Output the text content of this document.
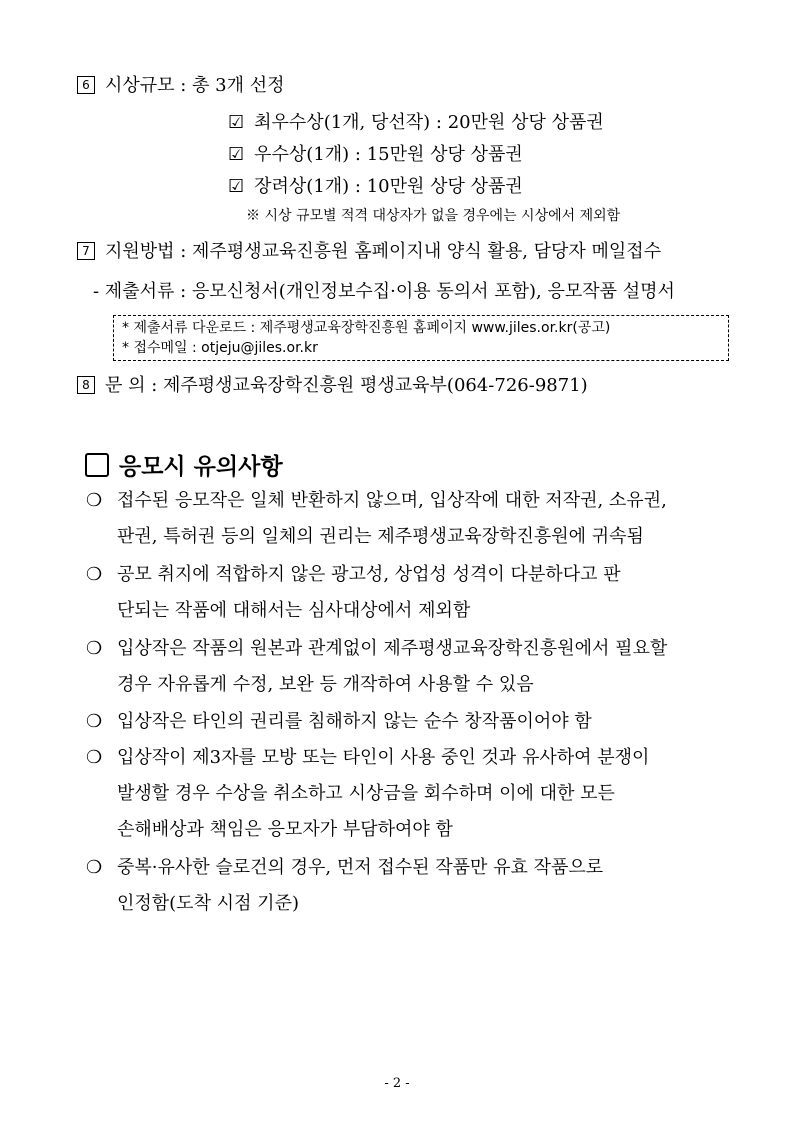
6 시상규모 : 총 3개 선정
☑ 최우수상(1개, 당선작) : 20만원 상당 상품권
☑ 우수상(1개) : 15만원 상당 상품권
☑ 장려상(1개) : 10만원 상당 상품권
※ 시상 규모별 적격 대상자가 없을 경우에는 시상에서 제외함
7 지원방법 : 제주평생교육진흥원 홈페이지내 양식 활용, 담당자 메일접수
- 제출서류 : 응모신청서(개인정보수집·이용 동의서 포함), 응모작품 설명서
* 제출서류 다운로드 : 제주평생교육장학진흥원 홈페이지 www.jiles.or.kr(공고)
* 접수메일 : otjeju@jiles.or.kr
8 문 의 : 제주평생교육장학진흥원 평생교육부(064-726-9871)
응모시 유의사항
❍ 접수된 응모작은 일체 반환하지 않으며, 입상작에 대한 저작권, 소유권,
판권, 특허권 등의 일체의 권리는 제주평생교육장학진흥원에 귀속됨
❍ 공모 취지에 적합하지 않은 광고성, 상업성 성격이 다분하다고 판
단되는 작품에 대해서는 심사대상에서 제외함
❍ 입상작은 작품의 원본과 관계없이 제주평생교육장학진흥원에서 필요할
경우 자유롭게 수정, 보완 등 개작하여 사용할 수 있음
❍ 입상작은 타인의 권리를 침해하지 않는 순수 창작품이어야 함
❍ 입상작이 제3자를 모방 또는 타인이 사용 중인 것과 유사하여 분쟁이
발생할 경우 수상을 취소하고 시상금을 회수하며 이에 대한 모든
손해배상과 책임은 응모자가 부담하여야 함
❍ 중복·유사한 슬로건의 경우, 먼저 접수된 작품만 유효 작품으로
인정함(도착 시점 기준)
- 2 -
